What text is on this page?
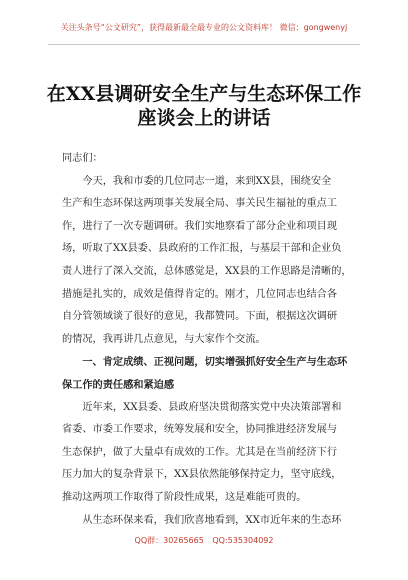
关注头条号“公文研究”，获得最新最全最专业的公文资料库！ 微信：gongwenyj
在XX县调研安全生产与生态环保工作
座谈会上的讲话
同志们：
　　今天，我和市委的几位同志一道，来到XX县，围绕安全
生产和生态环保这两项事关发展全局、事关民生福祉的重点工
作，进行了一次专题调研。我们实地察看了部分企业和项目现
场，听取了XX县委、县政府的工作汇报，与基层干部和企业负
责人进行了深入交流，总体感觉是，XX县的工作思路是清晰的，
措施是扎实的，成效是值得肯定的。刚才，几位同志也结合各
自分管领域谈了很好的意见，我都赞同。下面，根据这次调研
的情况，我再讲几点意见，与大家作个交流。
　　一、肯定成绩、正视问题，切实增强抓好安全生产与生态环
保工作的责任感和紧迫感
　　近年来，XX县委、县政府坚决贯彻落实党中央决策部署和
省委、市委工作要求，统筹发展和安全，协同推进经济发展与
生态保护，做了大量卓有成效的工作。尤其是在当前经济下行
压力加大的复杂背景下，XX县依然能够保持定力，坚守底线，
推动这两项工作取得了阶段性成果，这是难能可贵的。
　　从生态环保来看，我们欣喜地看到，XX市近年来的生态环
QQ群：30265665 QQ:535304092
